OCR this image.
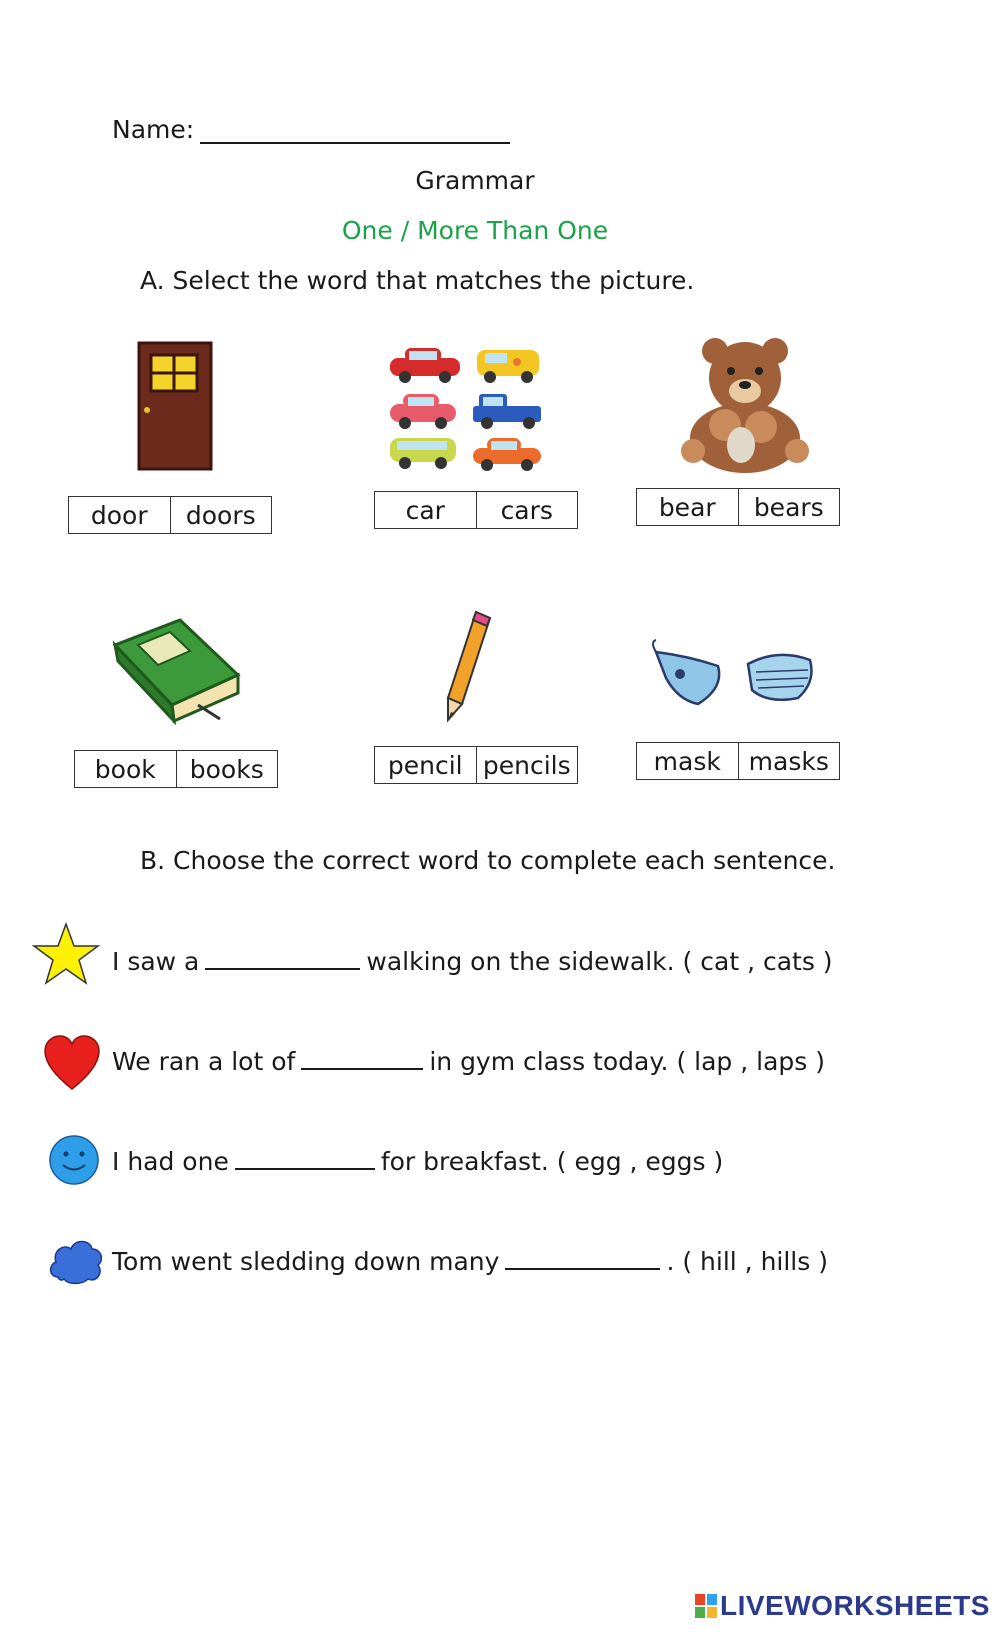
Name:
Grammar
One / More Than One
A. Select the word that matches the picture.
door	doors	car	cars	bear	bears
book	books	pencil pencils	mask	masks
B. Choose the correct word to complete each sentence.
I saw a	walking on the sidewalk. ( cat , cats )
We ran a lot of	in gym class today. ( lap , laps )
I had one	for breakfast. ( egg , eggs )
Tom went sledding down many	. ( hill , hills )
LIVEWORKSHEETS
